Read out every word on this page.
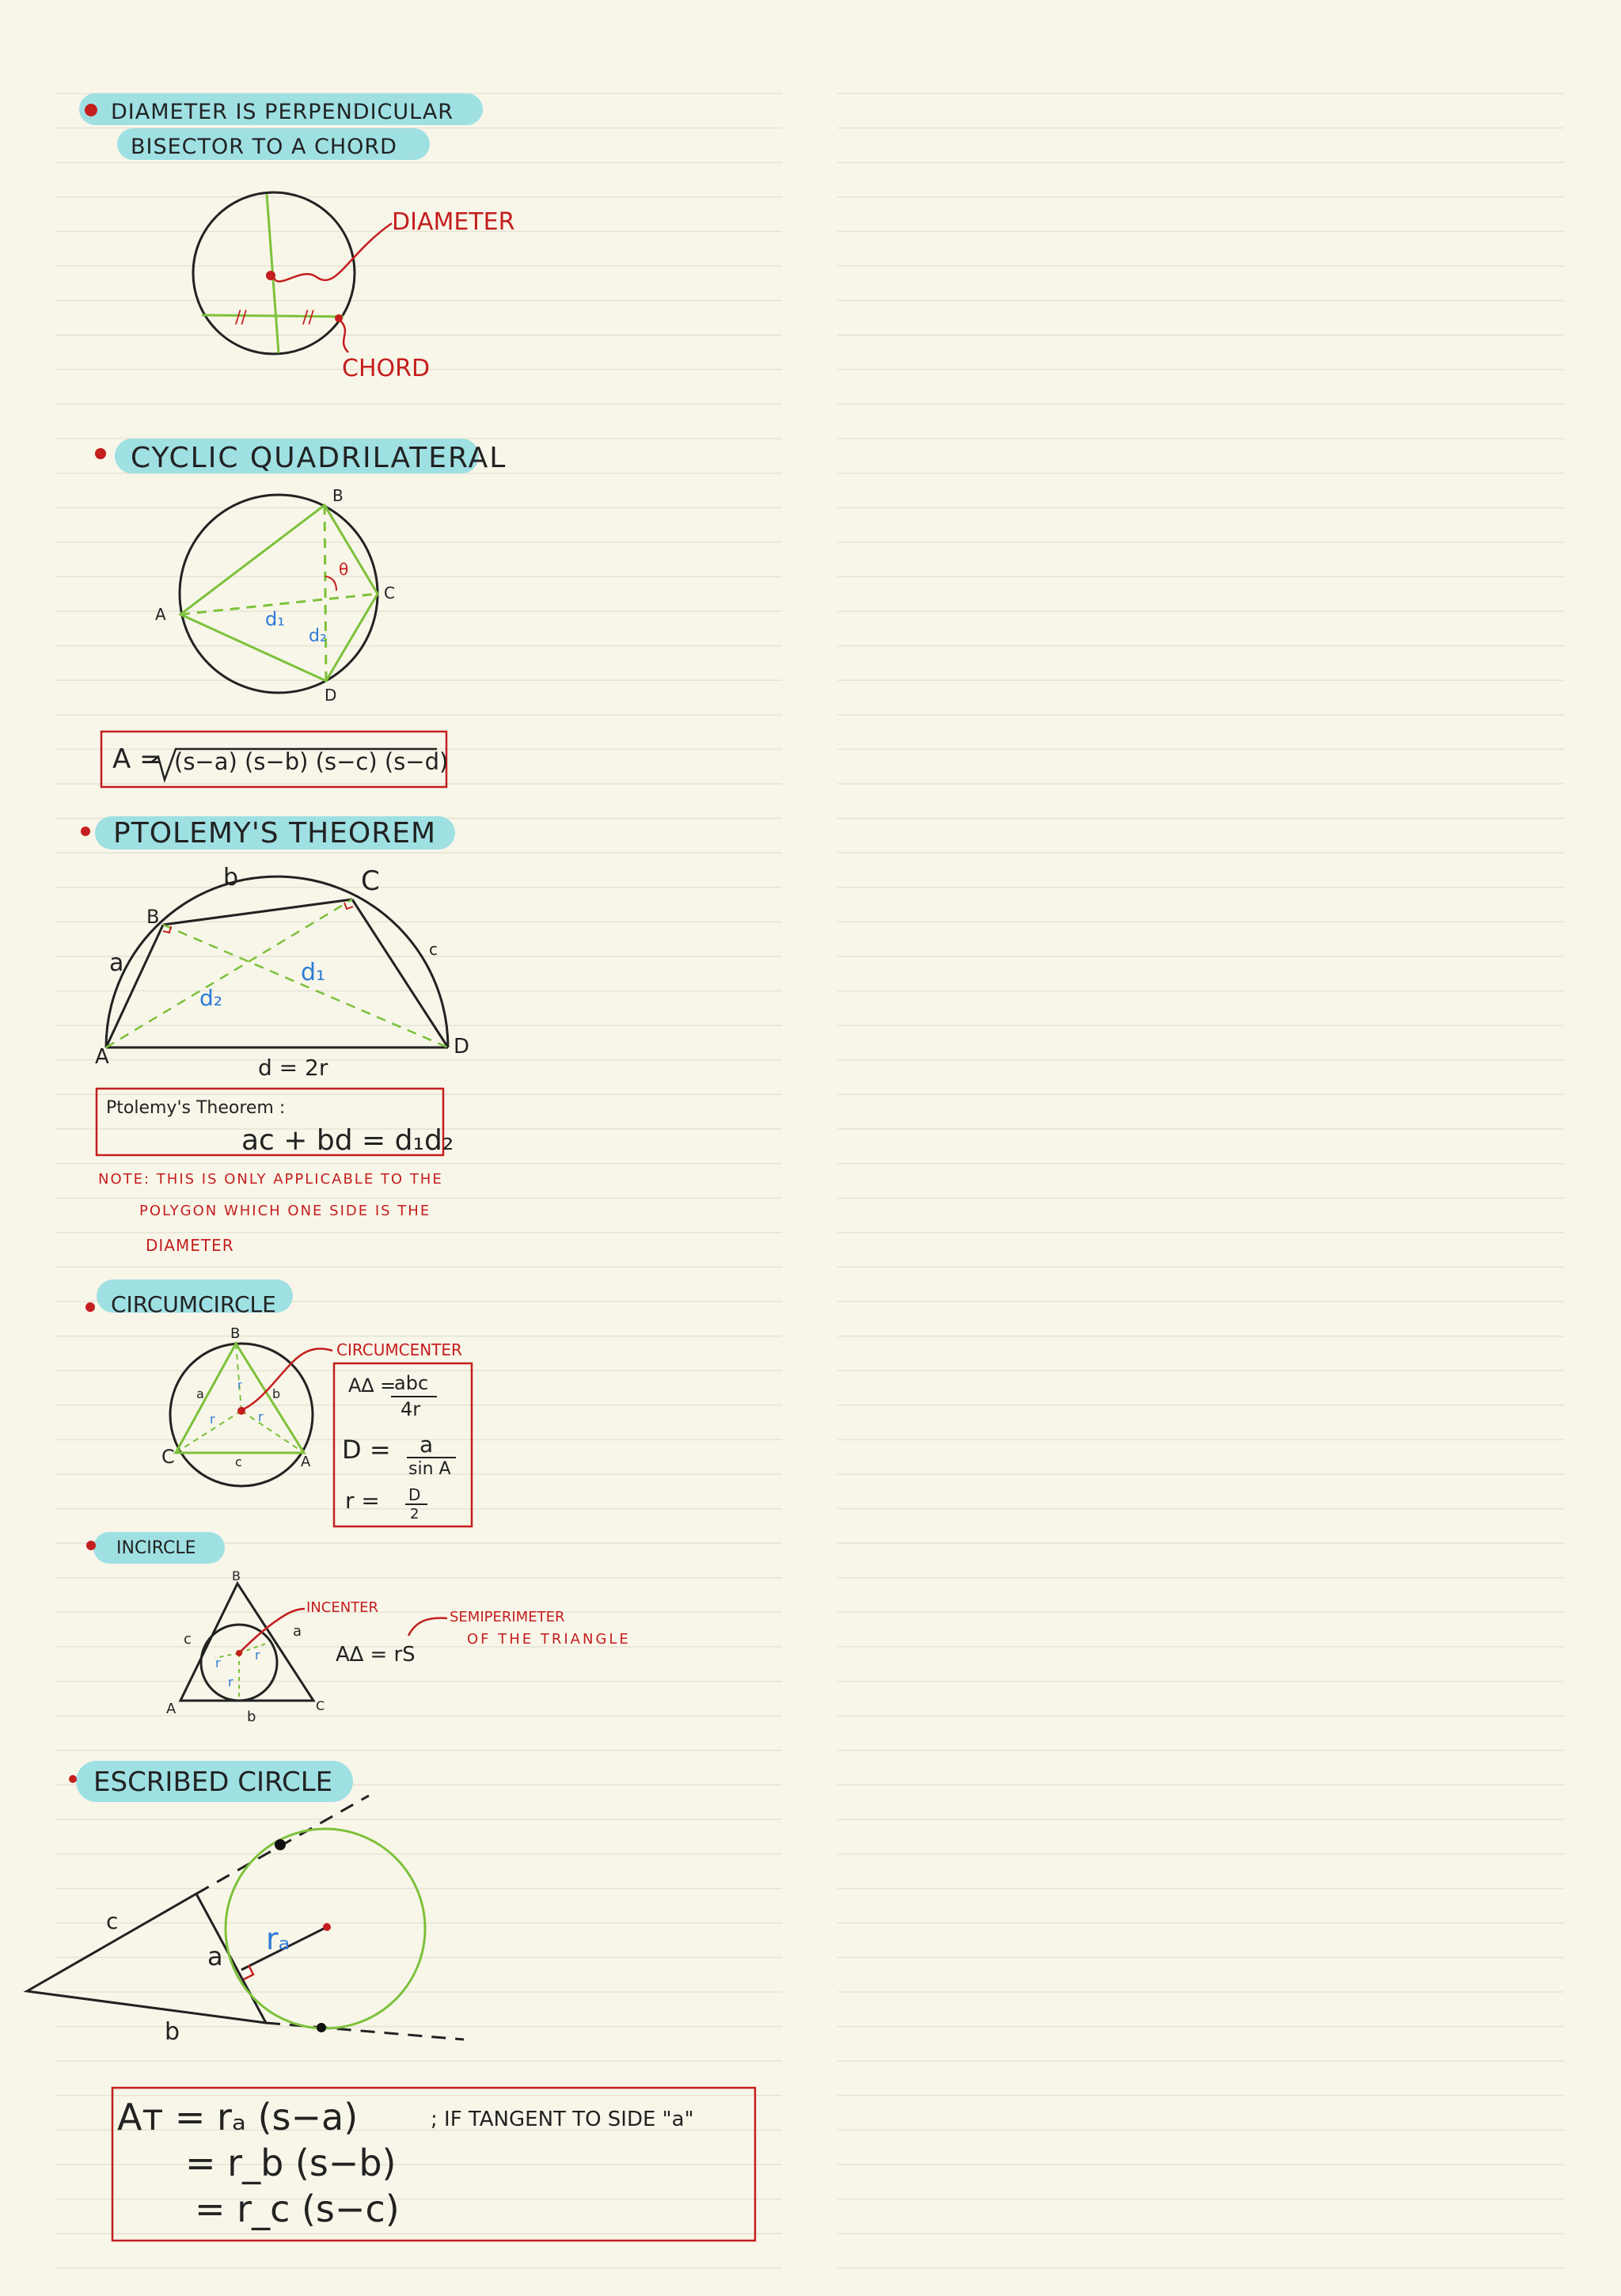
DIAMETER IS PERPENDICULAR
BISECTOR TO A CHORD
//	//
DIAMETER
CHORD
CYCLIC QUADRILATERAL
θ
d₁
d₂
A
B
C
D
A = (s−a) (s−b) (s−c) (s−d)
PTOLEMY'S THEOREM
A
B
C
D
a
b
c
d₁
d₂
d = 2r
Ptolemy's Theorem :
ac + bd = d₁d₂
NOTE: THIS IS ONLY APPLICABLE TO THE
POLYGON WHICH ONE SIDE IS THE
DIAMETER
CIRCUMCIRCLE
CIRCUMCENTER
B
C	A
a	b
c
r
r	r
A∆ =
abc
4r
D = a
sin A
r = D
2
INCIRCLE
INCENTER
B
A	C
a
c
b
r
r
r
A∆ = rS
SEMIPERIMETER
OF THE TRIANGLE
ESCRIBED CIRCLE
rₐ
a
c
b
Aᴛ = rₐ (s−a)	; IF TANGENT TO SIDE "a"
= r_b (s−b)
= r_c (s−c)
